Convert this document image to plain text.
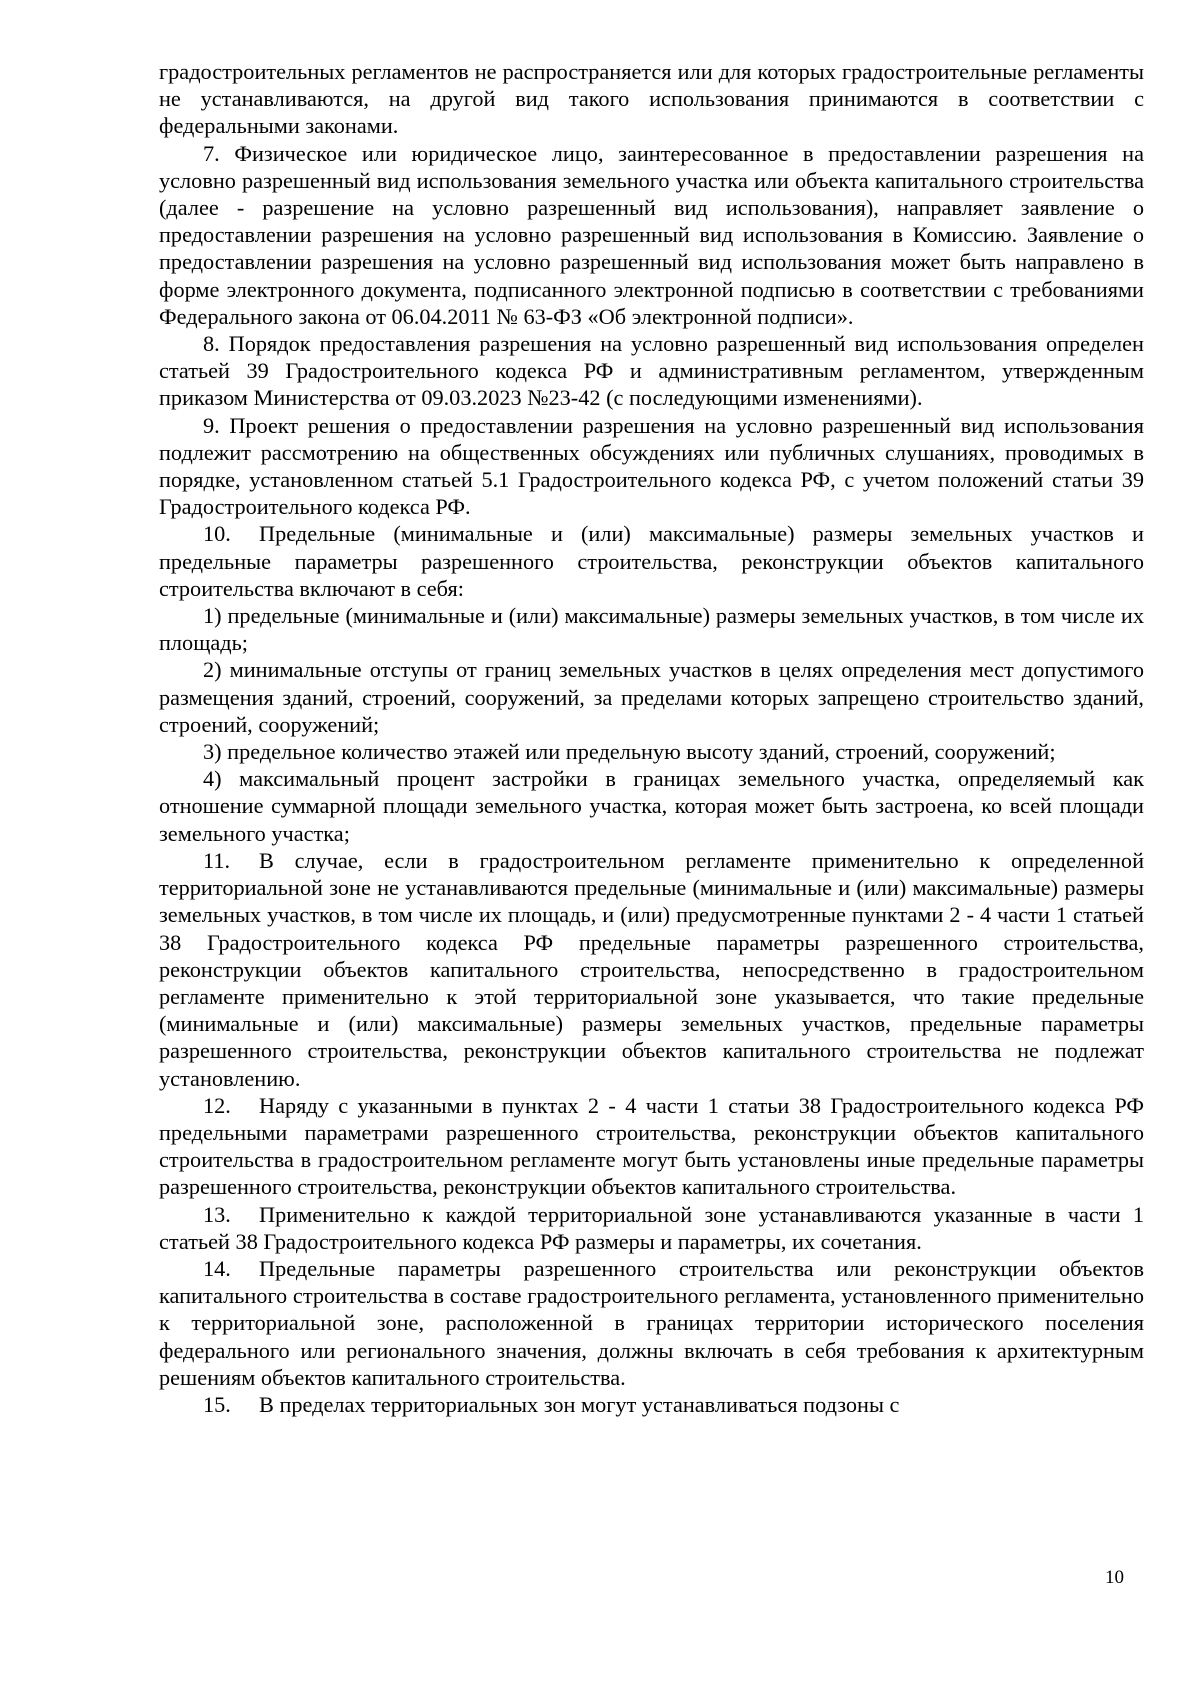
градостроительных регламентов не распространяется или для которых градостроительные регламенты не устанавливаются, на другой вид такого использования принимаются в соответствии с федеральными законами.

7. Физическое или юридическое лицо, заинтересованное в предоставлении разрешения на условно разрешенный вид использования земельного участка или объекта капитального строительства (далее - разрешение на условно разрешенный вид использования), направляет заявление о предоставлении разрешения на условно разрешенный вид использования в Комиссию. Заявление о предоставлении разрешения на условно разрешенный вид использования может быть направлено в форме электронного документа, подписанного электронной подписью в соответствии с требованиями Федерального закона от 06.04.2011 № 63-ФЗ «Об электронной подписи».

8. Порядок предоставления разрешения на условно разрешенный вид использования определен статьей 39 Градостроительного кодекса РФ и административным регламентом, утвержденным приказом Министерства от 09.03.2023 №23-42 (с последующими изменениями).

9. Проект решения о предоставлении разрешения на условно разрешенный вид использования подлежит рассмотрению на общественных обсуждениях или публичных слушаниях, проводимых в порядке, установленном статьей 5.1 Градостроительного кодекса РФ, с учетом положений статьи 39 Градостроительного кодекса РФ.

10. Предельные (минимальные и (или) максимальные) размеры земельных участков и предельные параметры разрешенного строительства, реконструкции объектов капитального строительства включают в себя:

1) предельные (минимальные и (или) максимальные) размеры земельных участков, в том числе их площадь;

2) минимальные отступы от границ земельных участков в целях определения мест допустимого размещения зданий, строений, сооружений, за пределами которых запрещено строительство зданий, строений, сооружений;

3) предельное количество этажей или предельную высоту зданий, строений, сооружений;

4) максимальный процент застройки в границах земельного участка, определяемый как отношение суммарной площади земельного участка, которая может быть застроена, ко всей площади земельного участка;

11. В случае, если в градостроительном регламенте применительно к определенной территориальной зоне не устанавливаются предельные (минимальные и (или) максимальные) размеры земельных участков, в том числе их площадь, и (или) предусмотренные пунктами 2 - 4 части 1 статьей 38 Градостроительного кодекса РФ предельные параметры разрешенного строительства, реконструкции объектов капитального строительства, непосредственно в градостроительном регламенте применительно к этой территориальной зоне указывается, что такие предельные (минимальные и (или) максимальные) размеры земельных участков, предельные параметры разрешенного строительства, реконструкции объектов капитального строительства не подлежат установлению.

12. Наряду с указанными в пунктах 2 - 4 части 1 статьи 38 Градостроительного кодекса РФ предельными параметрами разрешенного строительства, реконструкции объектов капитального строительства в градостроительном регламенте могут быть установлены иные предельные параметры разрешенного строительства, реконструкции объектов капитального строительства.

13. Применительно к каждой территориальной зоне устанавливаются указанные в части 1 статьей 38 Градостроительного кодекса РФ размеры и параметры, их сочетания.

14. Предельные параметры разрешенного строительства или реконструкции объектов капитального строительства в составе градостроительного регламента, установленного применительно к территориальной зоне, расположенной в границах территории исторического поселения федерального или регионального значения, должны включать в себя требования к архитектурным решениям объектов капитального строительства.

15. В пределах территориальных зон могут устанавливаться подзоны с

10
